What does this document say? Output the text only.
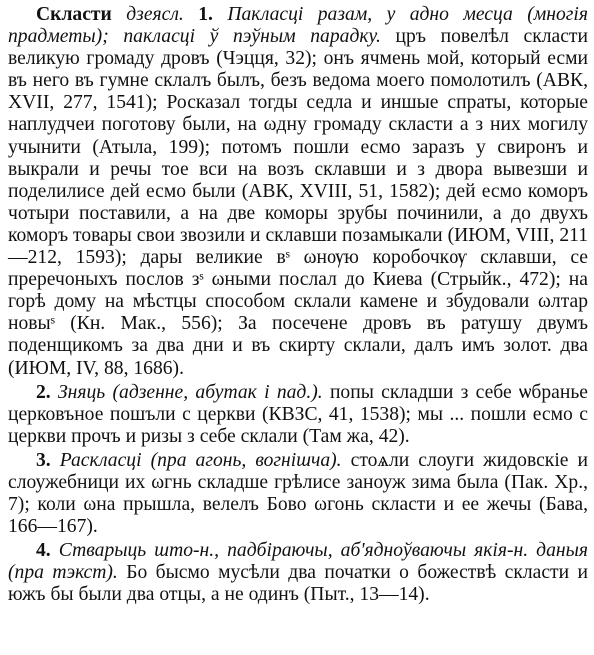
Скласти дзеясл. 1. Пакласці разам, у адно месца (многія прадметы); пакласці ў пэўным парадку. цръ повелѣл скласти великую громаду дровъ (Чэцця, 32); онъ ячмень мой, который есми въ него въ гумне склалъ былъ, безъ ведома моего помолотилъ (АВК, XVII, 277, 1541); Росказал тогды седла и иншые спраты, которые наплудчеи поготову были, на ωдну громаду скласти а з них могилу учынити (Атыла, 199); потомъ пошли есмо заразъ у свиронъ и выкрали и речы тое вси на возъ склавши и з двора вывезши и поделилисе дей есмо были (АВК, XVIII, 51, 1582); дей есмо коморъ чотыри поставили, а на две коморы зрубы починили, а до двухъ коморъ товары свои звозили и склавши позамыкали (ИЮМ, VIII, 211—212, 1593); дары великие вˢ ωнѹю коробочкѹ склавши, се преречоныхъ послов зˢ ωными послал до Киева (Стрыйк., 472); на горѣ дому на мѣстцы способом склали камене и збудовали ωлтар новыˢ (Кн. Мак., 556); За посечене дровъ въ ратушу двумъ поденщикомъ за два дни и въ скирту склали, далъ имъ золот. два (ИЮМ, IV, 88, 1686).

2. Зняць (адзенне, абутак і пад.). попы складши з себе ѡбранье церковъное пошъли с церкви (КВЗС, 41, 1538); мы ... пошли есмо с церкви прочъ и ризы з себе склали (Там жа, 42).

3. Раскласці (пра агонь, вогнішча). стоѧли слоуги жидовскіе и слоужебници их ωгнь складше грѣлисе заноуж зима была (Пак. Хр., 7); коли ωна прышла, велелъ Бово ωгонь скласти и ее жечы (Бава, 166—167).

4. Стварыць што-н., падбіраючы, аб'ядноўваючы якія-н. даныя (пра тэкст). Бо бысмо мусѣли два початки о божествѣ скласти и южъ бы были два отцы, а не одинъ (Пыт., 13—14).
